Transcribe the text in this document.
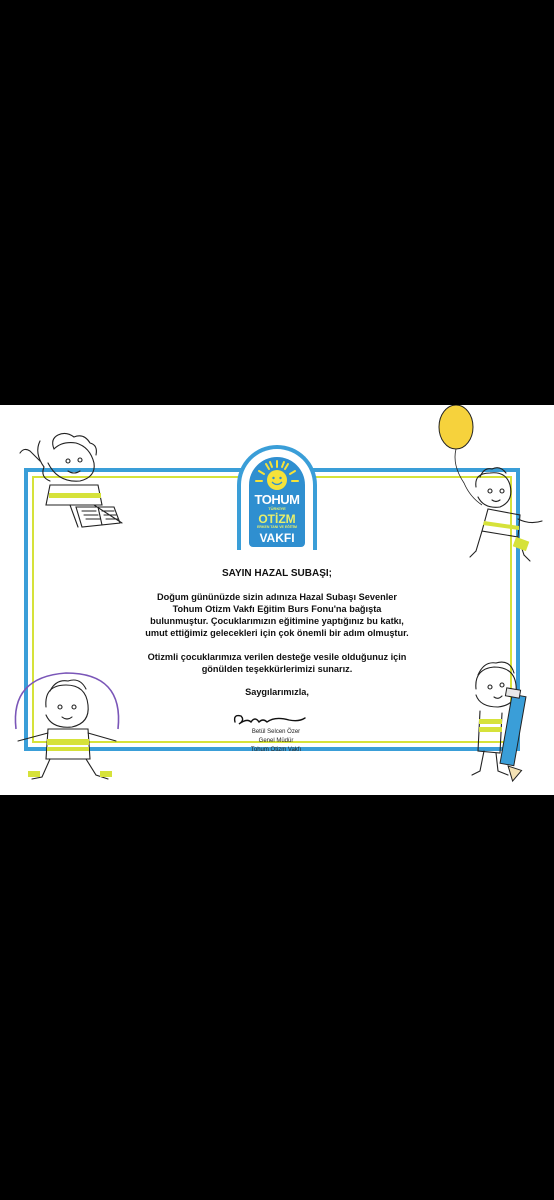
TOHUM
TÜRKİYE
OTİZM
ERKEN TANI VE EĞİTİM
VAKFI

SAYIN HAZAL SUBAŞI;

Doğum gününüzde sizin adınıza Hazal Subaşı Sevenler
Tohum Otizm Vakfı Eğitim Burs Fonu'na bağışta
bulunmuştur. Çocuklarımızın eğitimine yaptığınız bu katkı,
umut ettiğimiz gelecekleri için çok önemli bir adım olmuştur.

Otizmli çocuklarımıza verilen desteğe vesile olduğunuz için
gönülden teşekkürlerimizi sunarız.

Saygılarımızla,

Betül Selcen Özer
Genel Müdür
Tohum Otizm Vakfı
